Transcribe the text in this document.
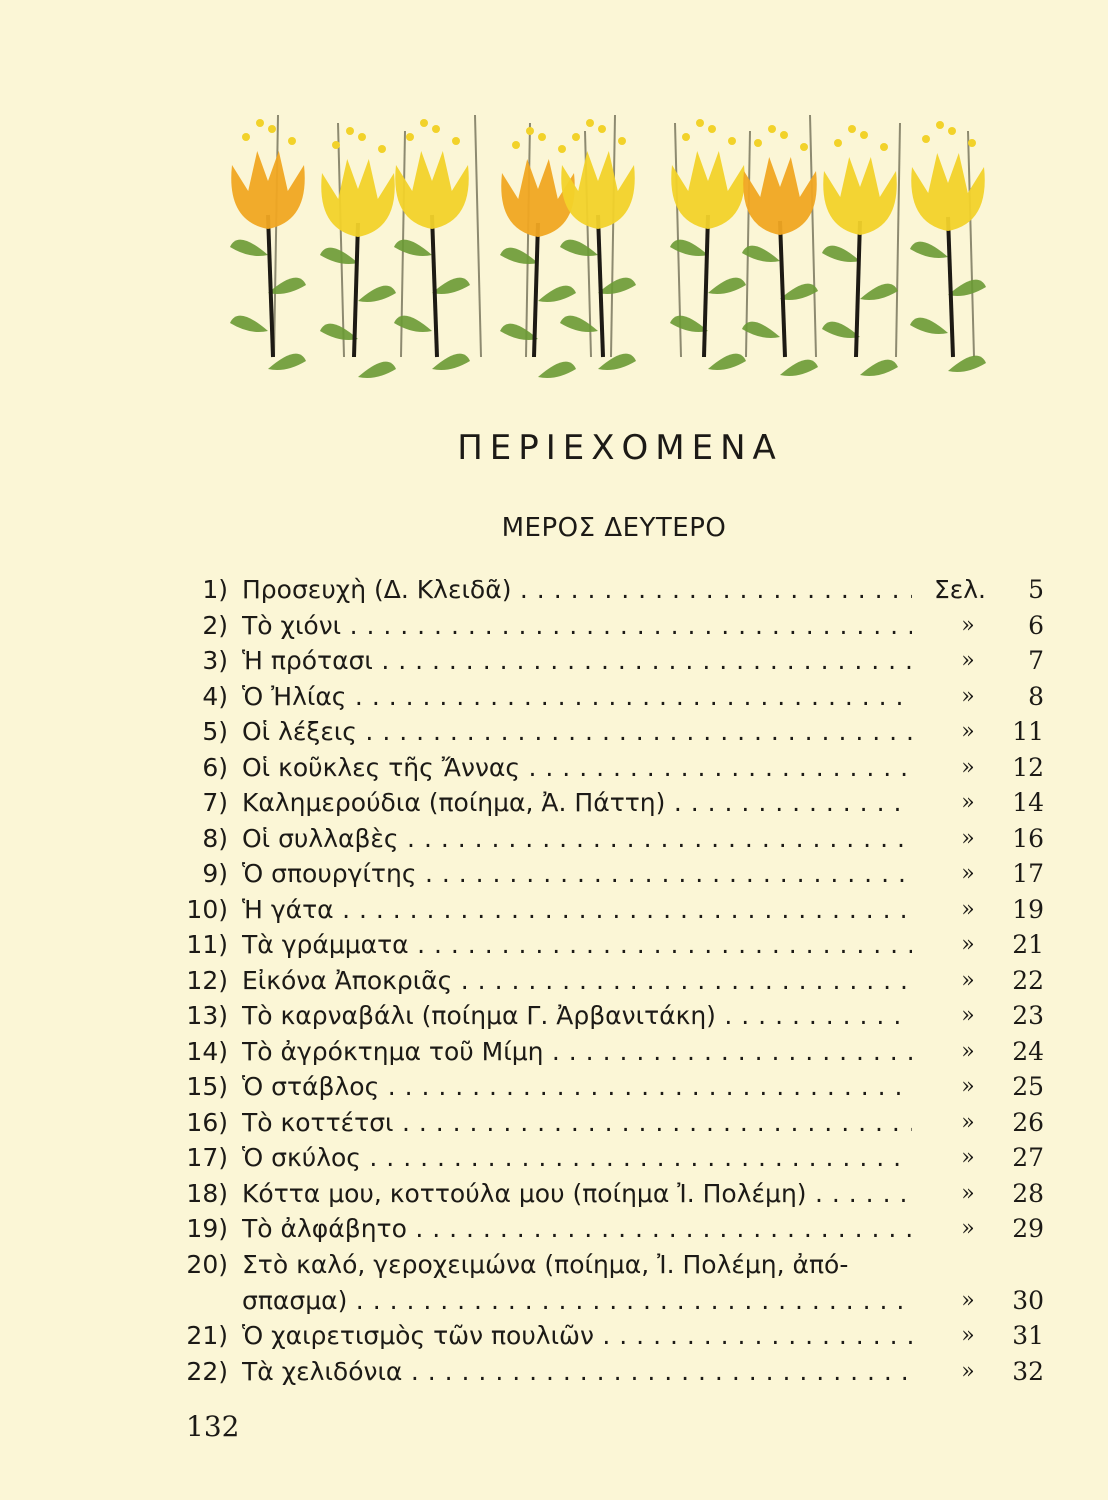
ΠΕΡΙΕΧΟΜΕΝΑ
ΜΕΡΟΣ ΔΕΥΤΕΡΟ
1) Προσευχὴ (Δ. Κλειδᾶ) . . .	Σελ. 5
2) Τὸ χιόνι . . .	»	6
3) Ἡ πρότασι . . .	»	7
4) Ὁ Ἠλίας . . .	»	8
5) Οἱ λέξεις . . .	»	11
6) Οἱ κοῦκλες τῆς Ἄννας . . .	»	12
7) Καλημερούδια (ποίημα, Ἀ. Πάττη) . . .	»	14
8) Οἱ συλλαβὲς . . .	»	16
9) Ὁ σπουργίτης . . .	»	17
10) Ἡ γάτα . . .	»	19
11) Τὰ γράμματα . . .	»	21
12) Εἰκόνα Ἀποκριᾶς . . .	»	22
13) Τὸ καρναβάλι (ποίημα Γ. Ἀρβανιτάκη) . . .	»	23
14) Τὸ ἀγρόκτημα τοῦ Μίμη . . .	»	24
15) Ὁ στάβλος . . .	»	25
16) Τὸ κοττέτσι . . .	»	26
17) Ὁ σκύλος . . .	»	27
18) Κόττα μου, κοττούλα μου (ποίημα Ἰ. Πολέμη) . . .	»	28
19) Τὸ ἀλφάβητο . . .	»	29
20) Στὸ καλό, γεροχειμώνα (ποίημα, Ἰ. Πολέμη, ἀπό-
σπασμα) . . .	»	30
21) Ὁ χαιρετισμὸς τῶν πουλιῶν . . .	»	31
22) Τὰ χελιδόνια . . .	»	32
132
